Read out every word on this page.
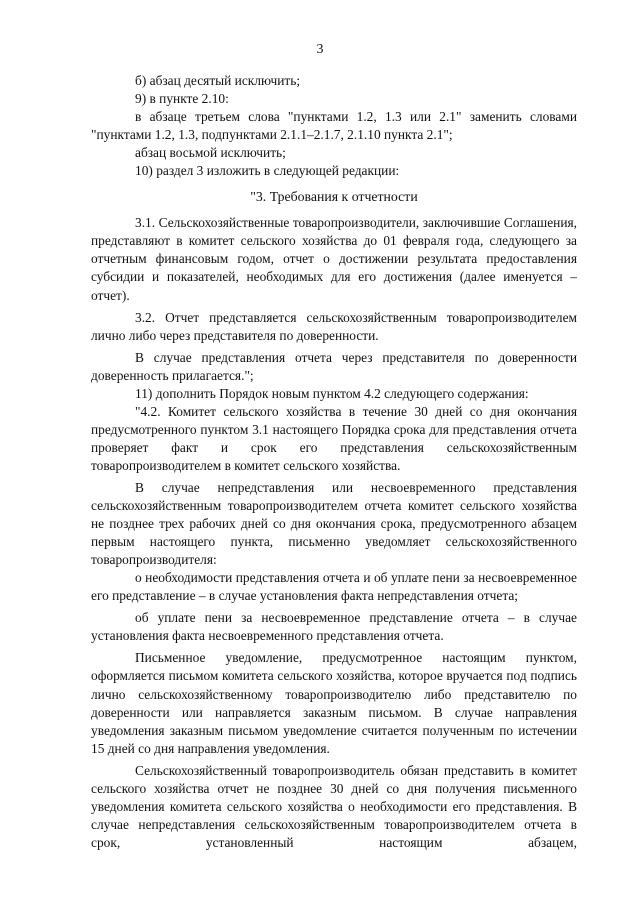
3

б) абзац десятый исключить;

9) в пункте 2.10:

в абзаце третьем слова "пунктами 1.2, 1.3 или 2.1" заменить словами "пунктами 1.2, 1.3, подпунктами 2.1.1–2.1.7, 2.1.10 пункта 2.1";

абзац восьмой исключить;

10) раздел 3 изложить в следующей редакции:

"3. Требования к отчетности

3.1. Сельскохозяйственные товаропроизводители, заключившие Соглашения, представляют в комитет сельского хозяйства до 01 февраля года, следующего за отчетным финансовым годом, отчет о достижении результата предоставления субсидии и показателей, необходимых для его достижения (далее именуется – отчет).

3.2. Отчет представляется сельскохозяйственным товаропроизводителем лично либо через представителя по доверенности.

В случае представления отчета через представителя по доверенности доверенность прилагается.";

11) дополнить Порядок новым пунктом 4.2 следующего содержания:

"4.2. Комитет сельского хозяйства в течение 30 дней со дня окончания предусмотренного пунктом 3.1 настоящего Порядка срока для представления отчета проверяет факт и срок его представления сельскохозяйственным товаропроизводителем в комитет сельского хозяйства.

В случае непредставления или несвоевременного представления сельскохозяйственным товаропроизводителем отчета комитет сельского хозяйства не позднее трех рабочих дней со дня окончания срока, предусмотренного абзацем первым настоящего пункта, письменно уведомляет сельскохозяйственного товаропроизводителя:

о необходимости представления отчета и об уплате пени за несвоевременное его представление – в случае установления факта непредставления отчета;

об уплате пени за несвоевременное представление отчета – в случае установления факта несвоевременного представления отчета.

Письменное уведомление, предусмотренное настоящим пунктом, оформляется письмом комитета сельского хозяйства, которое вручается под подпись лично сельскохозяйственному товаропроизводителю либо представителю по доверенности или направляется заказным письмом. В случае направления уведомления заказным письмом уведомление считается полученным по истечении 15 дней со дня направления уведомления.

Сельскохозяйственный товаропроизводитель обязан представить в комитет сельского хозяйства отчет не позднее 30 дней со дня получения письменного уведомления комитета сельского хозяйства о необходимости его представления. В случае непредставления сельскохозяйственным товаропроизводителем отчета в срок, установленный настоящим абзацем,
